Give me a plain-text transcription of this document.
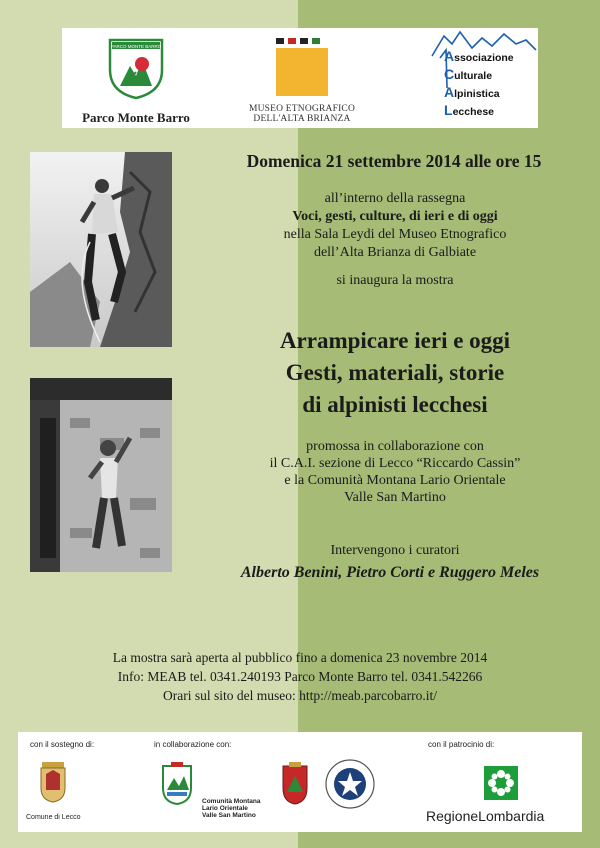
PARCO MONTE BARRO
Parco Monte Barro
MUSEO ETNOGRAFICO
DELL'ALTA BRIANZA
Associazione
Culturale
Alpinistica
Lecchese
Domenica 21 settembre 2014 alle ore 15
all’interno della rassegna
Voci, gesti, culture, di ieri e di oggi
nella Sala Leydi del Museo Etnografico
dell’Alta Brianza di Galbiate
si inaugura la mostra
Arrampicare ieri e oggi
Gesti, materiali, storie
di alpinisti lecchesi
promossa in collaborazione con
il C.A.I. sezione di Lecco “Riccardo Cassin”
e la Comunità Montana Lario Orientale
Valle San Martino
Intervengono i curatori
Alberto Benini, Pietro Corti e Ruggero Meles
La mostra sarà aperta al pubblico fino a domenica 23 novembre 2014
Info: MEAB tel. 0341.240193 Parco Monte Barro tel. 0341.542266
Orari sul sito del museo: http://meab.parcobarro.it/
con il sostegno di:	in collaborazione con:	con il patrocinio di:
Comune di Lecco
Comunità Montana
Lario Orientale
Valle San Martino	RegioneLombardia
